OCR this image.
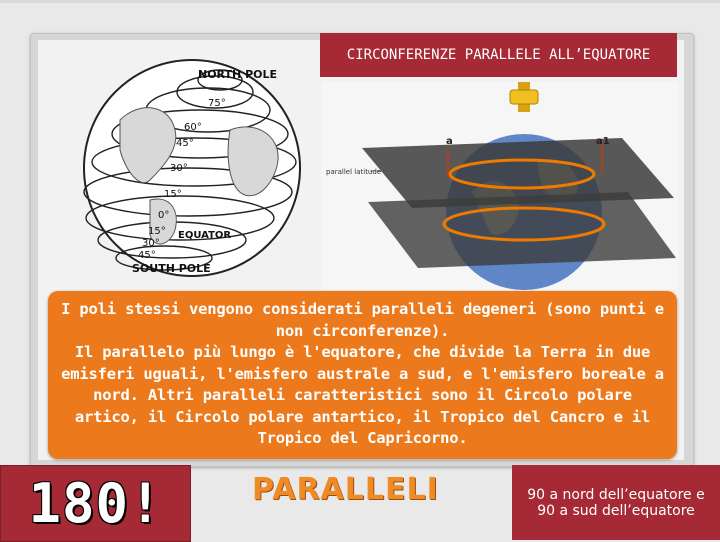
NORTH POLE
SOUTH POLE
EQUATOR
75°
60°
45°
30°
15°
0°
15°
30°
45°
a	a1
parallel latitude
CIRCONFERENZE PARALLELE ALL’EQUATORE
I poli stessi vengono considerati paralleli degeneri (sono punti e non circonferenze).
Il parallelo più lungo è l'equatore, che divide la Terra in due emisferi uguali, l'emisfero australe a sud, e l'emisfero boreale a nord. Altri paralleli caratteristici sono il Circolo polare artico, il Circolo polare antartico, il Tropico del Cancro e il Tropico del Capricorno.
180!	PARALLELI	90 a nord dell’equatore e 90 a sud dell’equatore
